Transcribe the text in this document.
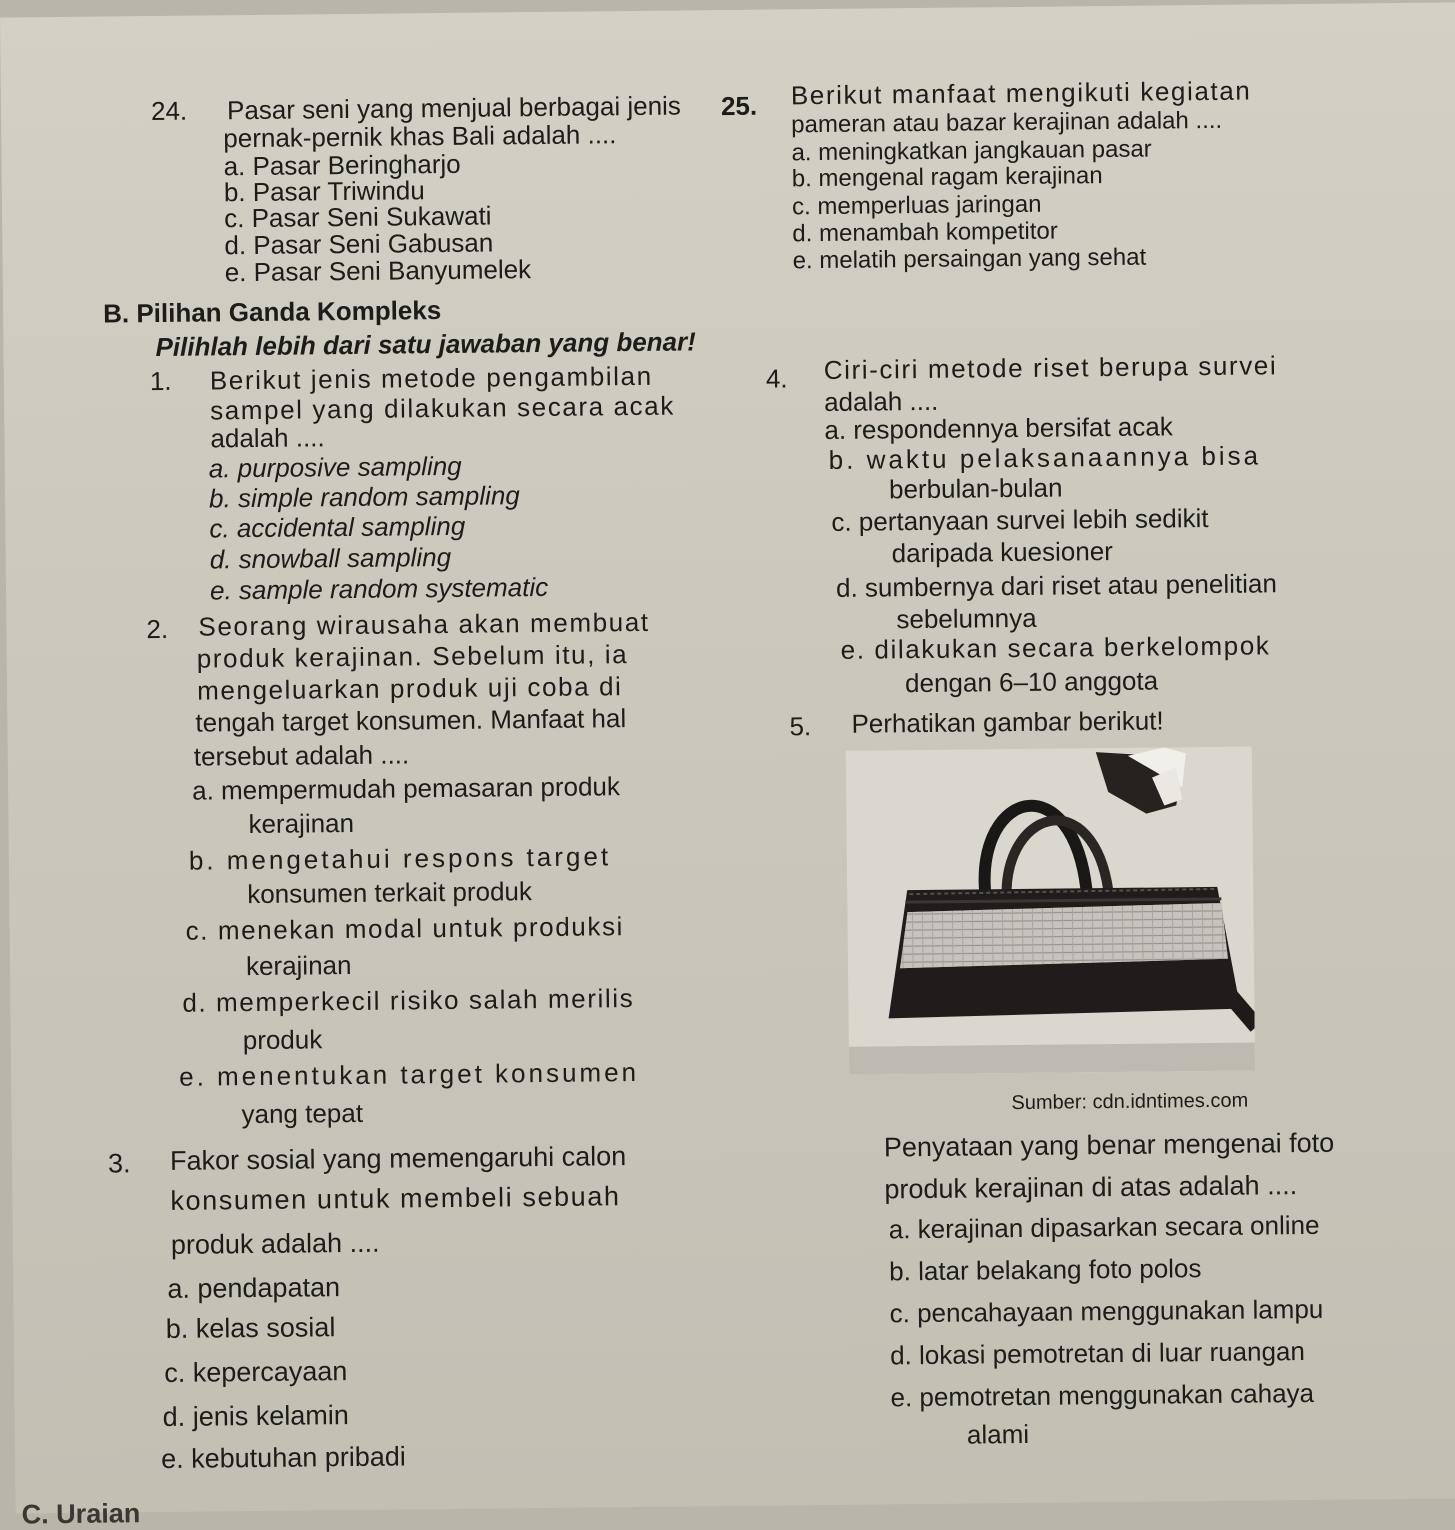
24. Pasar seni yang menjual berbagai jenis
pernak-pernik khas Bali adalah ....
a. Pasar Beringharjo
b. Pasar Triwindu
c. Pasar Seni Sukawati
d. Pasar Seni Gabusan
e. Pasar Seni Banyumelek
25. Berikut manfaat mengikuti kegiatan
pameran atau bazar kerajinan adalah ....
a. meningkatkan jangkauan pasar
b. mengenal ragam kerajinan
c. memperluas jaringan
d. menambah kompetitor
e. melatih persaingan yang sehat
B. Pilihan Ganda Kompleks
Pilihlah lebih dari satu jawaban yang benar!
1. Berikut jenis metode pengambilan
sampel yang dilakukan secara acak
adalah ....
a. purposive sampling
b. simple random sampling
c. accidental sampling
d. snowball sampling
e. sample random systematic
2. Seorang wirausaha akan membuat
produk kerajinan. Sebelum itu, ia
mengeluarkan produk uji coba di
tengah target konsumen. Manfaat hal
tersebut adalah ....
a. mempermudah pemasaran produk
kerajinan
b. mengetahui respons target
konsumen terkait produk
c. menekan modal untuk produksi
kerajinan
d. memperkecil risiko salah merilis
produk
e. menentukan target konsumen
yang tepat
3. Fakor sosial yang memengaruhi calon
konsumen untuk membeli sebuah
produk adalah ....
a. pendapatan
b. kelas sosial
c. kepercayaan
d. jenis kelamin
e. kebutuhan pribadi
4. Ciri-ciri metode riset berupa survei
adalah ....
a. respondennya bersifat acak
b. waktu pelaksanaannya bisa
berbulan-bulan
c. pertanyaan survei lebih sedikit
daripada kuesioner
d. sumbernya dari riset atau penelitian
sebelumnya
e. dilakukan secara berkelompok
dengan 6–10 anggota
5. Perhatikan gambar berikut!
Sumber: cdn.idntimes.com
Penyataan yang benar mengenai foto
produk kerajinan di atas adalah ....
a. kerajinan dipasarkan secara online
b. latar belakang foto polos
c. pencahayaan menggunakan lampu
d. lokasi pemotretan di luar ruangan
e. pemotretan menggunakan cahaya
alami
C. Uraian
